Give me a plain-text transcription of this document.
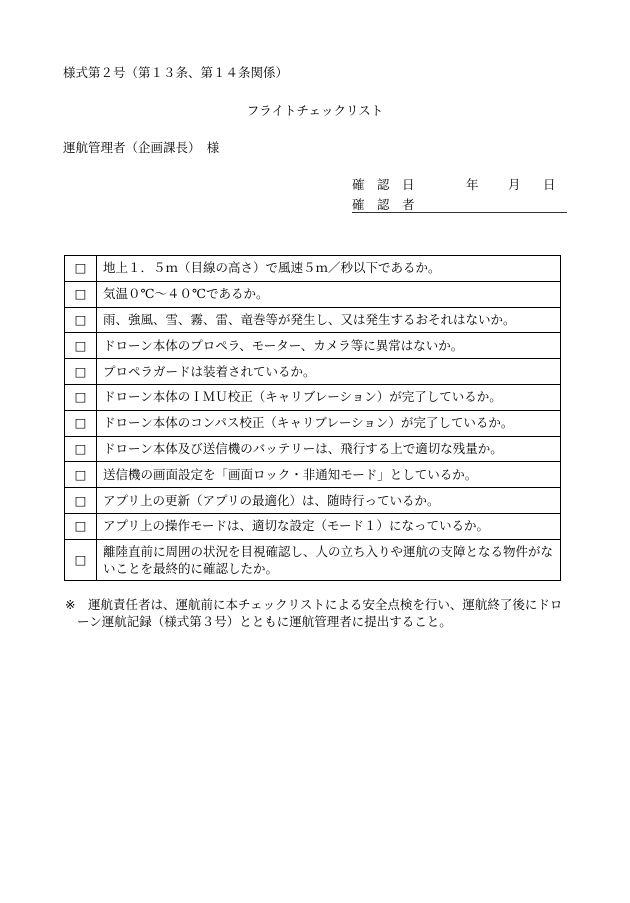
様式第２号（第１３条、第１４条関係）
フライトチェックリスト
運航管理者（企画課長）　様
確　認　日	年 月 日
確　認　者
□	地上１．５ｍ（目線の高さ）で風速５ｍ／秒以下であるか。
□	気温０℃～４０℃であるか。
□	雨、強風、雪、霧、雷、竜巻等が発生し、又は発生するおそれはないか。
□	ドローン本体のプロペラ、モーター、カメラ等に異常はないか。
□	プロペラガードは装着されているか。
□	ドローン本体のＩＭＵ校正（キャリブレーション）が完了しているか。
□	ドローン本体のコンパス校正（キャリブレーション）が完了しているか。
□	ドローン本体及び送信機のバッテリーは、飛行する上で適切な残量か。
□	送信機の画面設定を「画面ロック・非通知モード」としているか。
□	アプリ上の更新（アプリの最適化）は、随時行っているか。
□	アプリ上の操作モードは、適切な設定（モード１）になっているか。
□	離陸直前に周囲の状況を目視確認し、人の立ち入りや運航の支障となる物件がな
いことを最終的に確認したか。
※ 運航責任者は、運航前に本チェックリストによる安全点検を行い、運航終了後にドロ
ーン運航記録（様式第３号）とともに運航管理者に提出すること。
